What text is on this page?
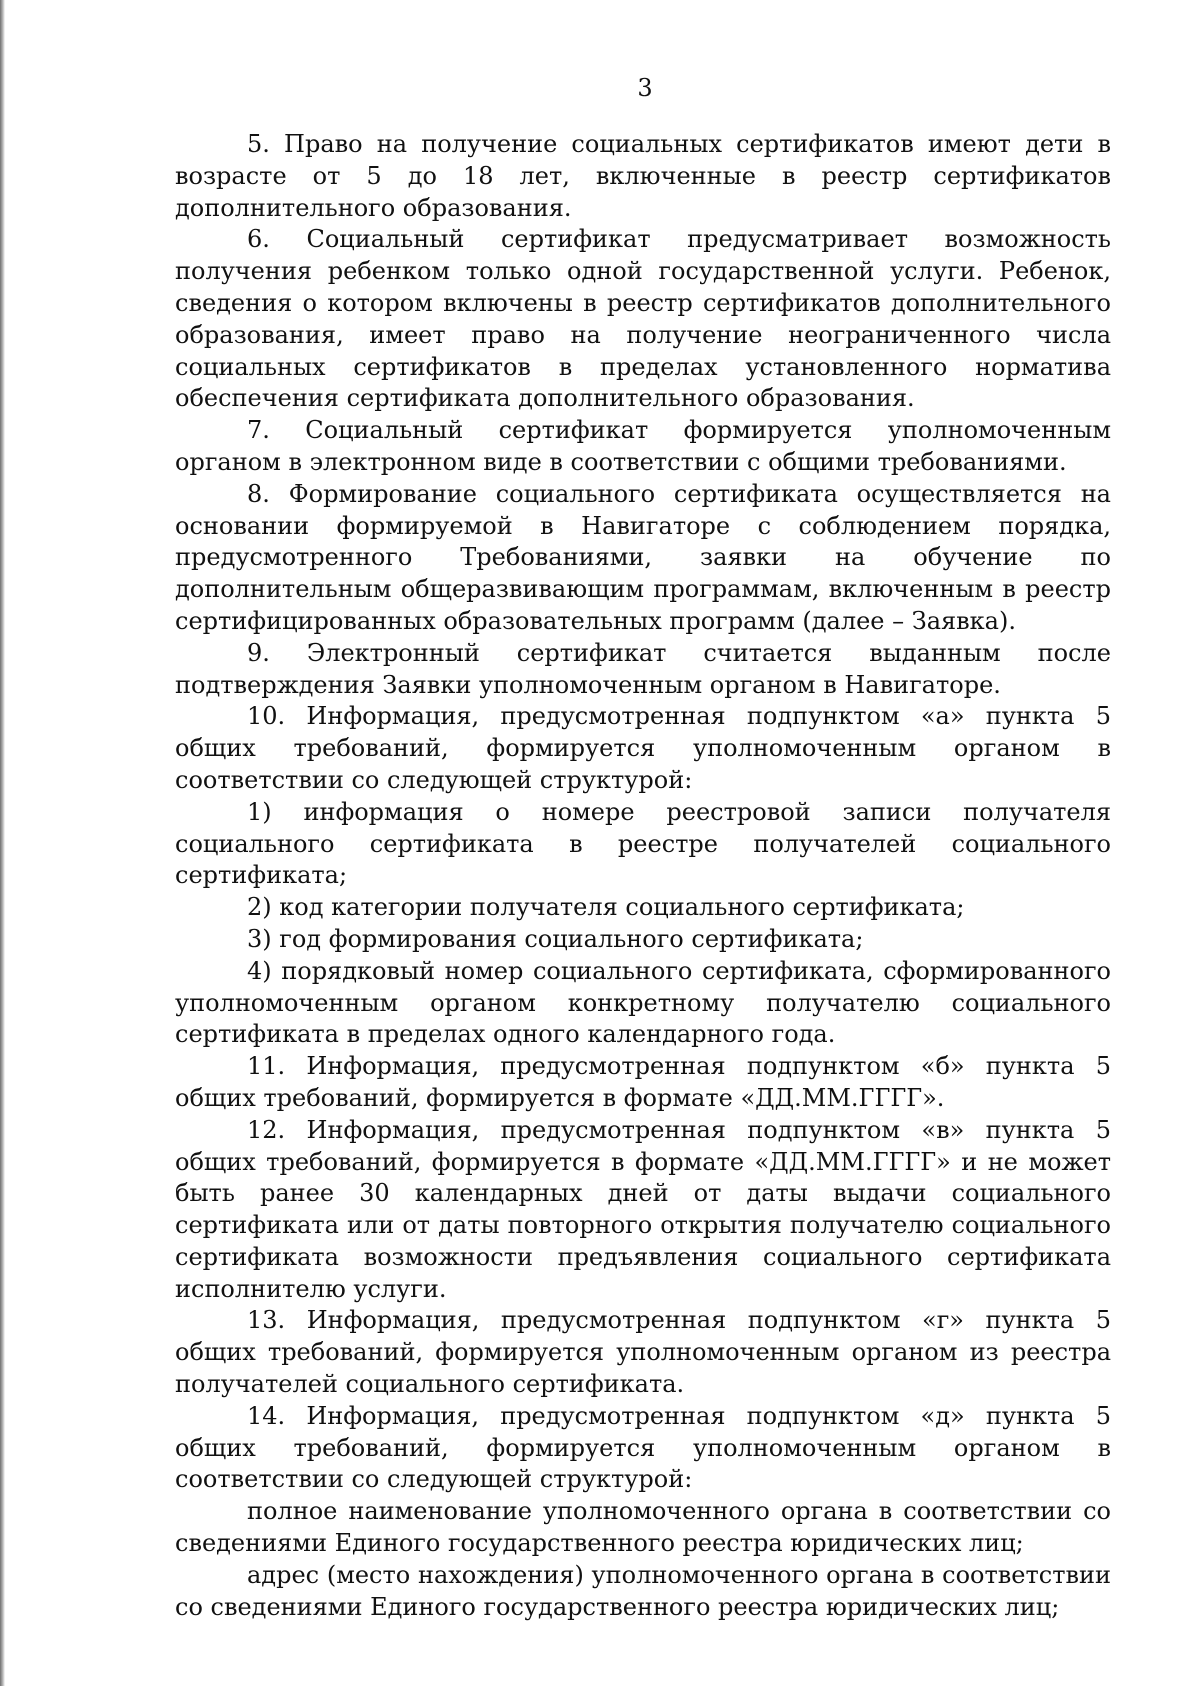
3

5. Право на получение социальных сертификатов имеют дети в возрасте от 5 до 18 лет, включенные в реестр сертификатов дополнительного образования.

6. Социальный сертификат предусматривает возможность получения ребенком только одной государственной услуги. Ребенок, сведения о котором включены в реестр сертификатов дополнительного образования, имеет право на получение неограниченного числа социальных сертификатов в пределах установленного норматива обеспечения сертификата дополнительного образования.

7. Социальный сертификат формируется уполномоченным органом в электронном виде в соответствии с общими требованиями.

8. Формирование социального сертификата осуществляется на основании формируемой в Навигаторе с соблюдением порядка, предусмотренного Требованиями, заявки на обучение по дополнительным общеразвивающим программам, включенным в реестр сертифицированных образовательных программ (далее – Заявка).

9. Электронный сертификат считается выданным после подтверждения Заявки уполномоченным органом в Навигаторе.

10. Информация, предусмотренная подпунктом «а» пункта 5 общих требований, формируется уполномоченным органом в соответствии со следующей структурой:

1) информация о номере реестровой записи получателя социального сертификата в реестре получателей социального сертификата;

2) код категории получателя социального сертификата;

3) год формирования социального сертификата;

4) порядковый номер социального сертификата, сформированного уполномоченным органом конкретному получателю социального сертификата в пределах одного календарного года.

11. Информация, предусмотренная подпунктом «б» пункта 5 общих требований, формируется в формате «ДД.ММ.ГГГГ».

12. Информация, предусмотренная подпунктом «в» пункта 5 общих требований, формируется в формате «ДД.ММ.ГГГГ» и не может быть ранее 30 календарных дней от даты выдачи социального сертификата или от даты повторного открытия получателю социального сертификата возможности предъявления социального сертификата исполнителю услуги.

13. Информация, предусмотренная подпунктом «г» пункта 5 общих требований, формируется уполномоченным органом из реестра получателей социального сертификата.

14. Информация, предусмотренная подпунктом «д» пункта 5 общих требований, формируется уполномоченным органом в соответствии со следующей структурой:

полное наименование уполномоченного органа в соответствии со сведениями Единого государственного реестра юридических лиц;

адрес (место нахождения) уполномоченного органа в соответствии со сведениями Единого государственного реестра юридических лиц;
